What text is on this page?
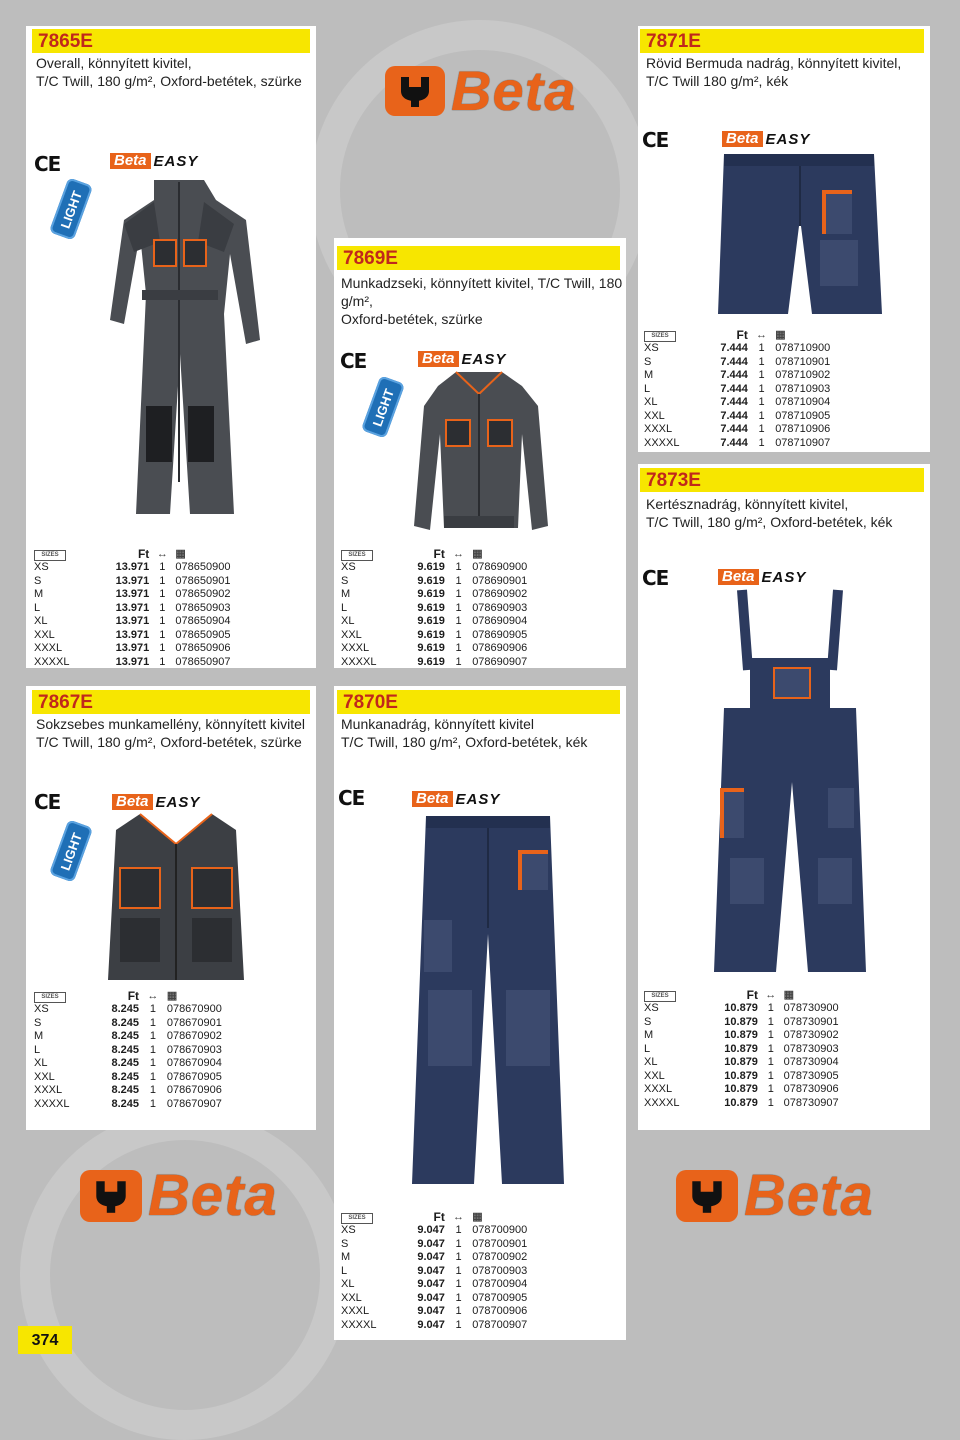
Beta
Beta	Beta
7865E
Overall, könnyített kivitel,
T/C Twill, 180 g/m², Oxford-betétek, szürke
CE	Beta EASY
LIGHT
SIZES	Ft	↔	▦
XS	13.971	1	078650900
S	13.971	1	078650901
M	13.971	1	078650902
L	13.971	1	078650903
XL	13.971	1	078650904
XXL	13.971	1	078650905
XXXL	13.971	1	078650906
XXXXL	13.971	1	078650907
7869E
Munkadzseki, könnyített kivitel, T/C Twill, 180
g/m²,
Oxford-betétek, szürke
CE	Beta EASY
LIGHT
SIZES	Ft	↔	▦
XS	9.619	1	078690900
S	9.619	1	078690901
M	9.619	1	078690902
L	9.619	1	078690903
XL	9.619	1	078690904
XXL	9.619	1	078690905
XXXL	9.619	1	078690906
XXXXL	9.619	1	078690907
7871E
Rövid Bermuda nadrág, könnyített kivitel,
T/C Twill 180 g/m², kék
CE	Beta EASY
SIZES	Ft	↔	▦
XS	7.444	1	078710900
S	7.444	1	078710901
M	7.444	1	078710902
L	7.444	1	078710903
XL	7.444	1	078710904
XXL	7.444	1	078710905
XXXL	7.444	1	078710906
XXXXL	7.444	1	078710907
7873E
Kertésznadrág, könnyített kivitel,
T/C Twill, 180 g/m², Oxford-betétek, kék
CE	Beta EASY
SIZES	Ft	↔	▦
XS	10.879	1	078730900
S	10.879	1	078730901
M	10.879	1	078730902
L	10.879	1	078730903
XL	10.879	1	078730904
XXL	10.879	1	078730905
XXXL	10.879	1	078730906
XXXXL	10.879	1	078730907
7867E
Sokzsebes munkamellény, könnyített kivitel
T/C Twill, 180 g/m², Oxford-betétek, szürke
CE	Beta EASY
LIGHT
SIZES	Ft	↔	▦
XS	8.245	1	078670900
S	8.245	1	078670901
M	8.245	1	078670902
L	8.245	1	078670903
XL	8.245	1	078670904
XXL	8.245	1	078670905
XXXL	8.245	1	078670906
XXXXL	8.245	1	078670907
7870E
Munkanadrág, könnyített kivitel
T/C Twill, 180 g/m², Oxford-betétek, kék
CE	Beta EASY
SIZES	Ft	↔	▦
XS	9.047	1	078700900
S	9.047	1	078700901
M	9.047	1	078700902
L	9.047	1	078700903
XL	9.047	1	078700904
XXL	9.047	1	078700905
XXXL	9.047	1	078700906
XXXXL	9.047	1	078700907
374
